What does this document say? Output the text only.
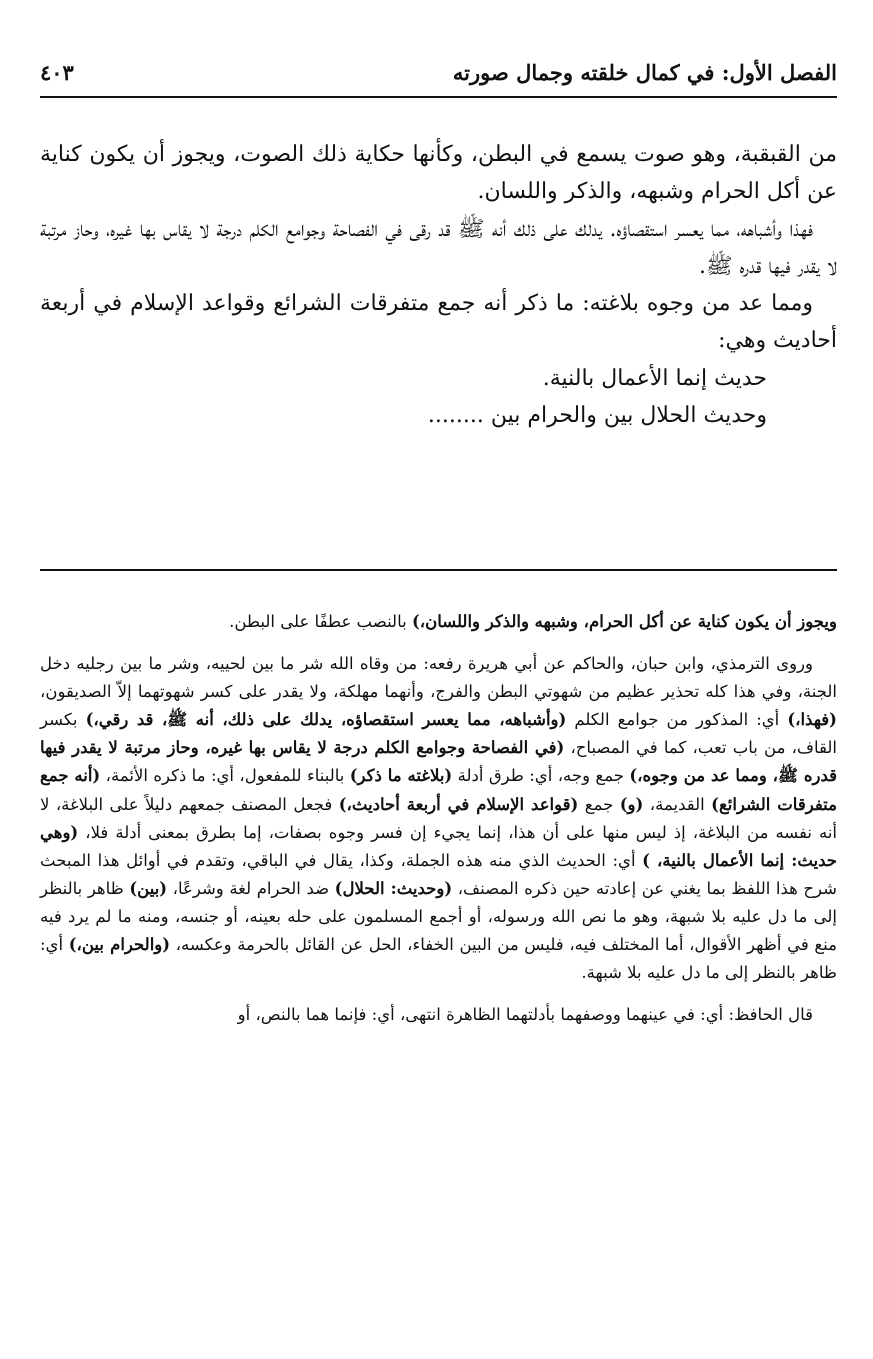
الفصل الأول: في كمال خلقته وجمال صورته
٤٠٣

من القبقبة، وهو صوت يسمع في البطن، وكأنها حكاية ذلك الصوت، ويجوز أن يكون كناية عن أكل الحرام وشبهه، والذكر واللسان.

فهذا وأشباهه، مما يعسر استقصاؤه. يدلك على ذلك أنه ﷺ قد رقى في الفصاحة وجوامع الكلم درجة لا يقاس بها غيره، وحاز مرتبة لا يقدر فيها قدره ﷺ.

ومما عد من وجوه بلاغته: ما ذكر أنه جمع متفرقات الشرائع وقواعد الإسلام في أربعة أحاديث وهي:

حديث إنما الأعمال بالنية.

وحديث الحلال بين والحرام بين ........

ويجوز أن يكون كناية عن أكل الحرام، وشبهه والذكر واللسان،) بالنصب عطفًا على البطن.

وروى الترمذي، وابن حبان، والحاكم عن أبي هريرة رفعه: من وقاه الله شر ما بين لحييه، وشر ما بين رجليه دخل الجنة، وفي هذا كله تحذير عظيم من شهوتي البطن والفرج، وأنهما مهلكة، ولا يقدر على كسر شهوتهما إلاّ الصديقون، (فهذا،) أي: المذكور من جوامع الكلم (وأشباهه، مما يعسر استقصاؤه، يدلك على ذلك، أنه ﷺ، قد رقي،) بكسر القاف، من باب تعب، كما في المصباح، (في الفصاحة وجوامع الكلم درجة لا يقاس بها غيره، وحاز مرتبة لا يقدر فيها قدره ﷺ، ومما عد من وجوه،) جمع وجه، أي: طرق أدلة (بلاغته ما ذكر) بالبناء للمفعول، أي: ما ذكره الأئمة، (أنه جمع متفرقات الشرائع) القديمة، (و) جمع (قواعد الإسلام في أربعة أحاديث،) فجعل المصنف جمعهم دليلاً على البلاغة، لا أنه نفسه من البلاغة، إذ ليس منها على أن هذا، إنما يجيء إن فسر وجوه بصفات، إما بطرق بمعنى أدلة فلا، (وهي حديث: إنما الأعمال بالنية، ) أي: الحديث الذي منه هذه الجملة، وكذا، يقال في الباقي، وتقدم في أوائل هذا المبحث شرح هذا اللفظ بما يغني عن إعادته حين ذكره المصنف، (وحديث: الحلال) ضد الحرام لغة وشرعًا، (بين) ظاهر بالنظر إلى ما دل عليه بلا شبهة، وهو ما نص الله ورسوله، أو أجمع المسلمون على حله بعينه، أو جنسه، ومنه ما لم يرد فيه منع في أظهر الأقوال، أما المختلف فيه، فليس من البين الخفاء، الحل عن القائل بالحرمة وعكسه، (والحرام بين،) أي: ظاهر بالنظر إلى ما دل عليه بلا شبهة.

قال الحافظ: أي: في عينهما ووصفهما بأدلتهما الظاهرة انتهى، أي: فإنما هما بالنص، أو
